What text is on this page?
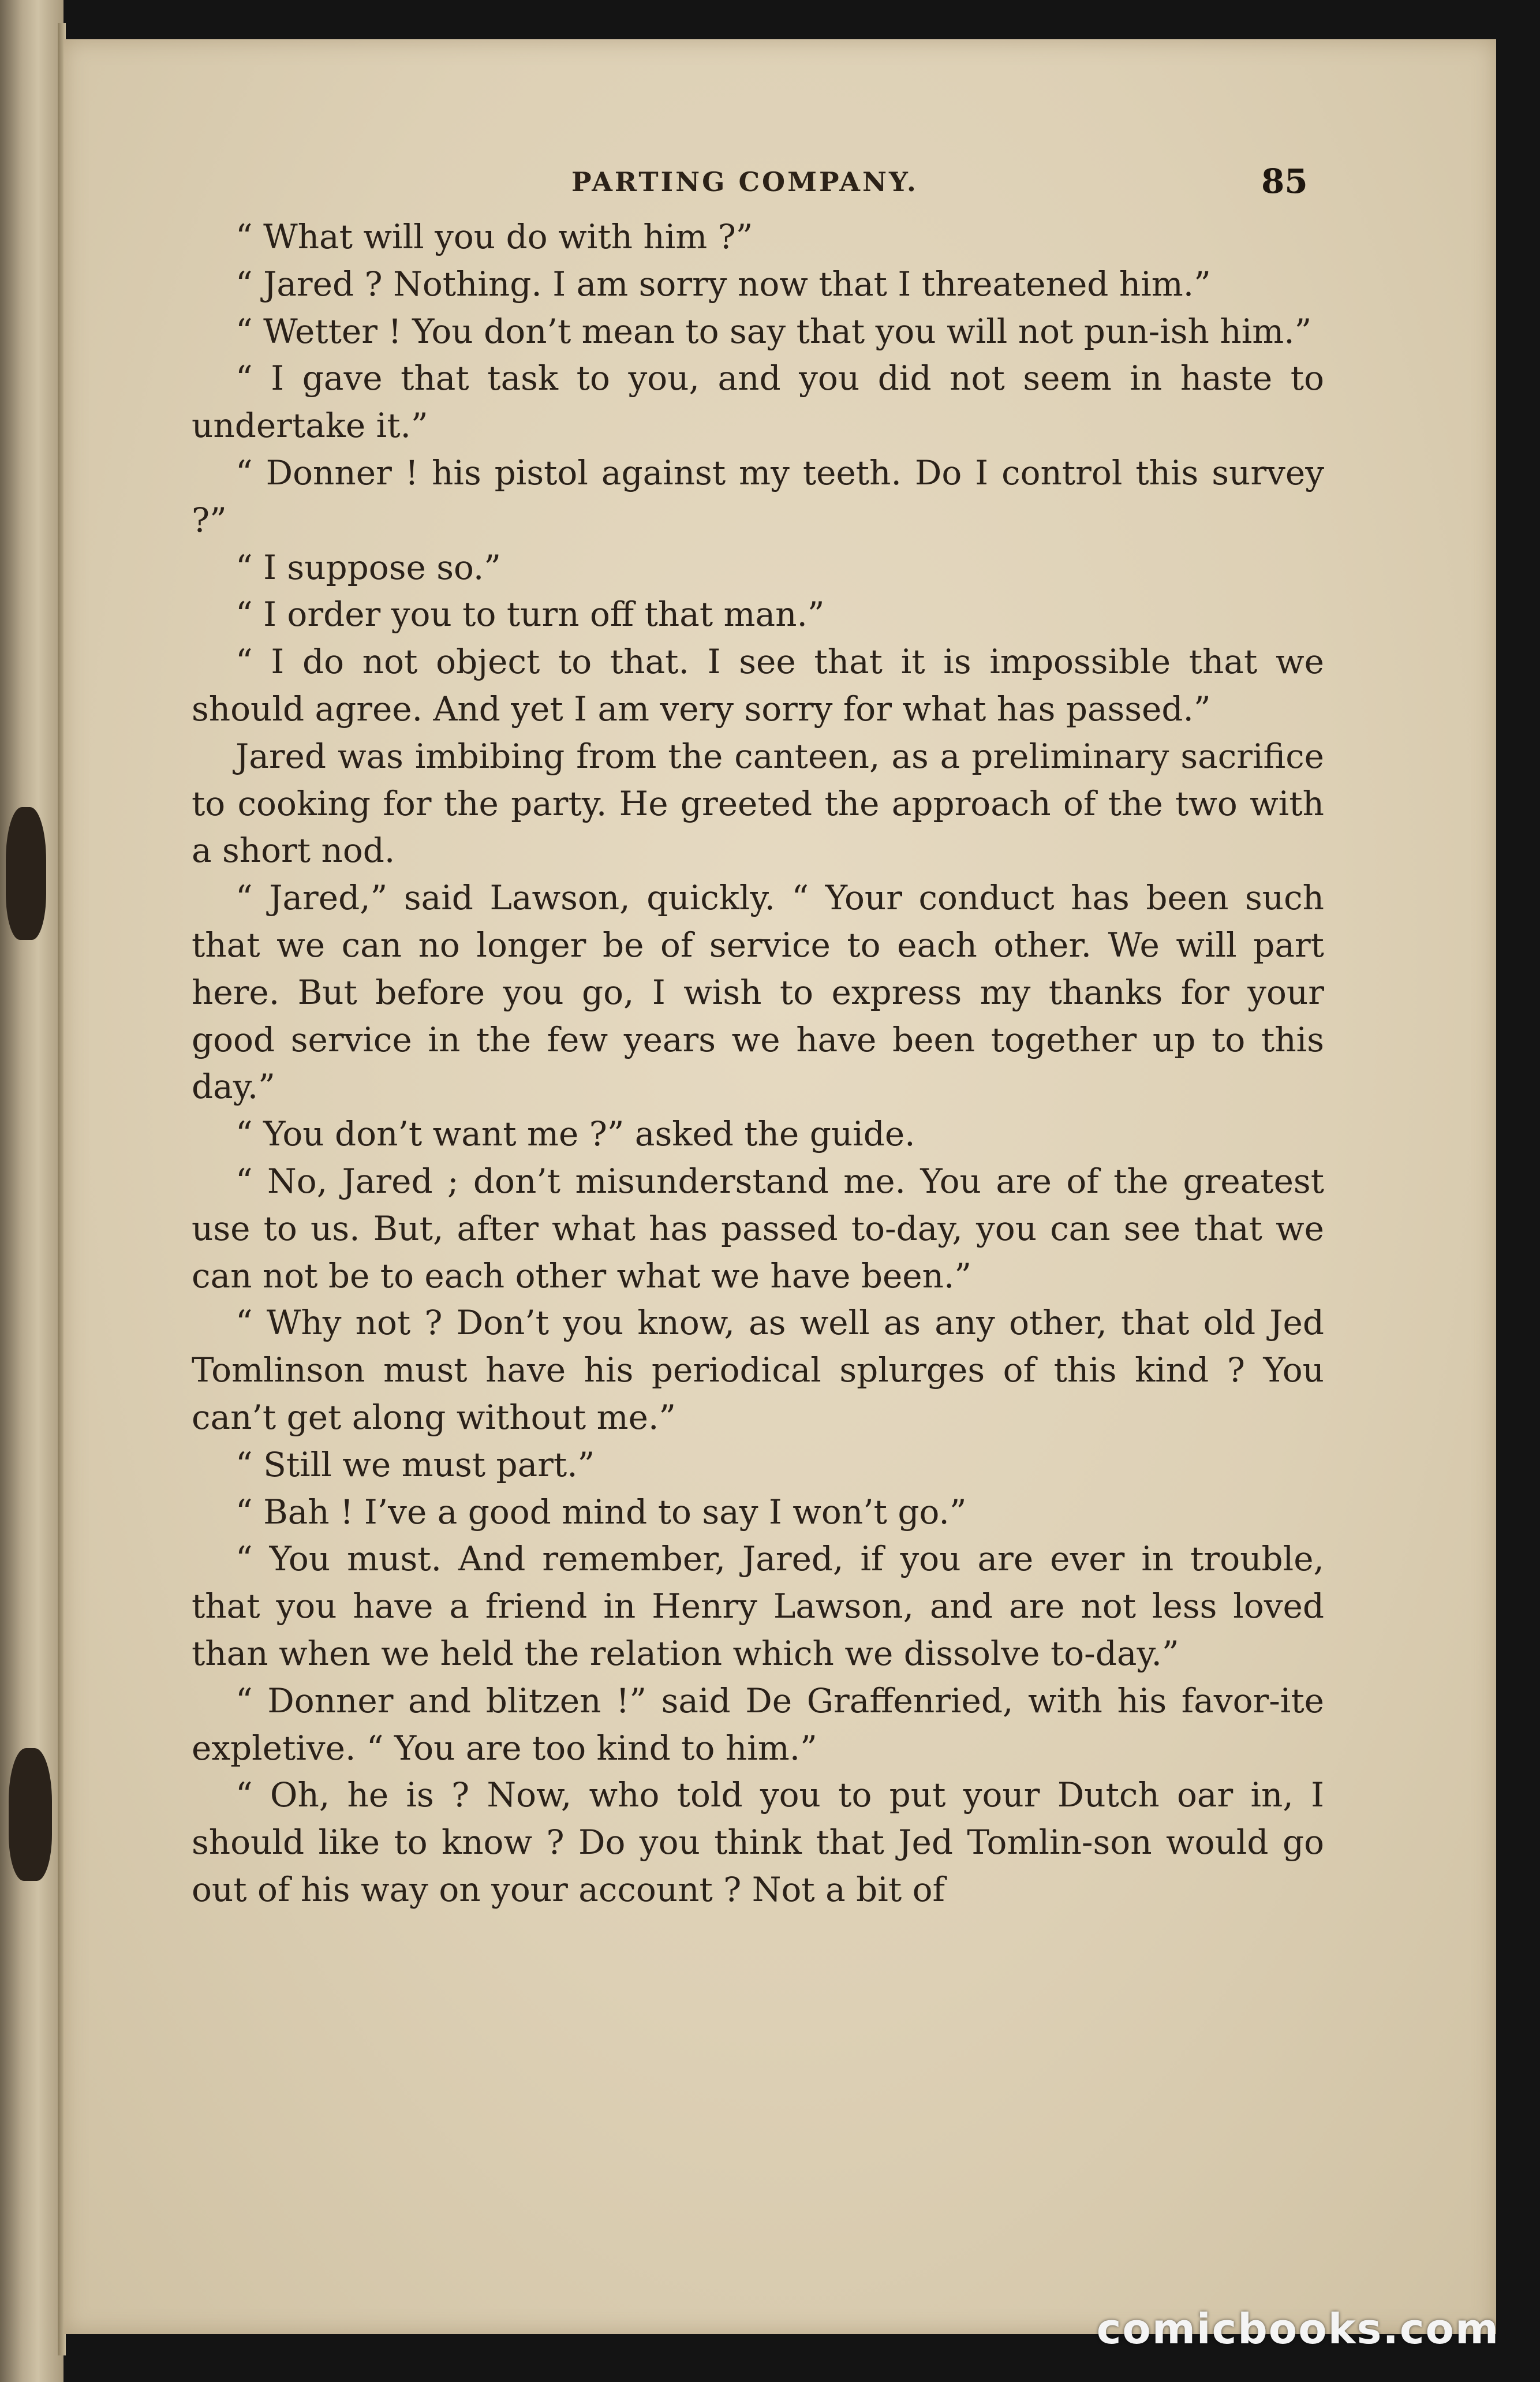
PARTING COMPANY.	85

“ What will you do with him ?”

“ Jared ? Nothing. I am sorry now that I threatened him.”

“ Wetter ! You don’t mean to say that you will not pun-ish him.”

“ I gave that task to you, and you did not seem in haste to undertake it.”

“ Donner ! his pistol against my teeth. Do I control this survey ?”

“ I suppose so.”

“ I order you to turn off that man.”

“ I do not object to that. I see that it is impossible that we should agree. And yet I am very sorry for what has passed.”

Jared was imbibing from the canteen, as a preliminary sacrifice to cooking for the party. He greeted the approach of the two with a short nod.

“ Jared,” said Lawson, quickly. “ Your conduct has been such that we can no longer be of service to each other. We will part here. But before you go, I wish to express my thanks for your good service in the few years we have been together up to this day.”

“ You don’t want me ?” asked the guide.

“ No, Jared ; don’t misunderstand me. You are of the greatest use to us. But, after what has passed to-day, you can see that we can not be to each other what we have been.”

“ Why not ? Don’t you know, as well as any other, that old Jed Tomlinson must have his periodical splurges of this kind ? You can’t get along without me.”

“ Still we must part.”

“ Bah ! I’ve a good mind to say I won’t go.”

“ You must. And remember, Jared, if you are ever in trouble, that you have a friend in Henry Lawson, and are not less loved than when we held the relation which we dissolve to-day.”

“ Donner and blitzen !” said De Graffenried, with his favor-ite expletive. “ You are too kind to him.”

“ Oh, he is ? Now, who told you to put your Dutch oar in, I should like to know ? Do you think that Jed Tomlin-son would go out of his way on your account ? Not a bit of

comicbooks.com
